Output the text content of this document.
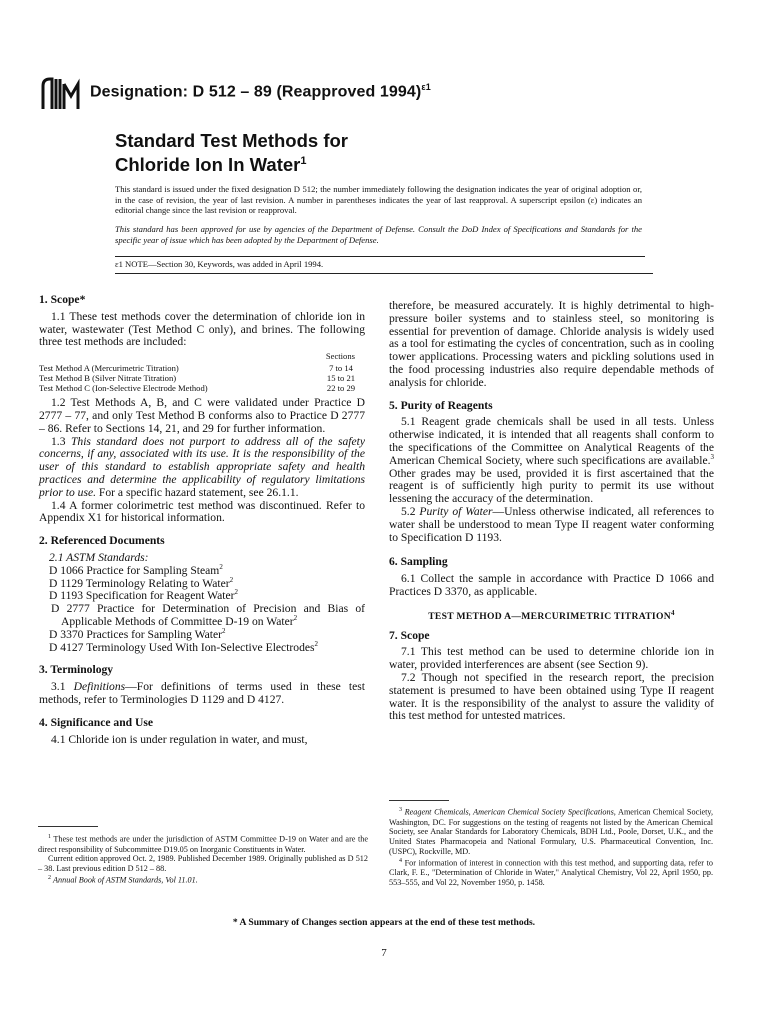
Designation: D 512 – 89 (Reapproved 1994)$^{\varepsilon 1}$
Standard Test Methods for
Chloride Ion In Water$^1$
This standard is issued under the fixed designation D 512; the number immediately following the designation indicates the year of original adoption or, in the case of revision, the year of last revision. A number in parentheses indicates the year of last reapproval. A superscript epsilon (ε) indicates an editorial change since the last revision or reapproval.
This standard has been approved for use by agencies of the Department of Defense. Consult the DoD Index of Specifications and Standards for the specific year of issue which has been adopted by the Department of Defense.
ε1 NOTE—Section 30, Keywords, was added in April 1994.
1. Scope*

1.1 These test methods cover the determination of chloride ion in water, wastewater (Test Method C only), and brines. The following three test methods are included:

Sections
Test Method A (Mercurimetric Titration)	7 to 14
Test Method B (Silver Nitrate Titration)	15 to 21
Test Method C (Ion-Selective Electrode Method)	22 to 29

1.2 Test Methods A, B, and C were validated under Practice D 2777 – 77, and only Test Method B conforms also to Practice D 2777 – 86. Refer to Sections 14, 21, and 29 for further information.

1.3 This standard does not purport to address all of the safety concerns, if any, associated with its use. It is the responsibility of the user of this standard to establish appropriate safety and health practices and determine the applicability of regulatory limitations prior to use. For a specific hazard statement, see 26.1.1.

1.4 A former colorimetric test method was discontinued. Refer to Appendix X1 for historical information.

2. Referenced Documents
2.1 ASTM Standards:
D 1066 Practice for Sampling Steam$^2$
D 1129 Terminology Relating to Water$^2$
D 1193 Specification for Reagent Water$^2$
D 2777 Practice for Determination of Precision and Bias of Applicable Methods of Committee D-19 on Water$^2$
D 3370 Practices for Sampling Water$^2$
D 4127 Terminology Used With Ion-Selective Electrodes$^2$
3. Terminology

3.1 Definitions—For definitions of terms used in these test methods, refer to Terminologies D 1129 and D 4127.

4. Significance and Use

4.1 Chloride ion is under regulation in water, and must,

therefore, be measured accurately. It is highly detrimental to high-pressure boiler systems and to stainless steel, so monitoring is essential for prevention of damage. Chloride analysis is widely used as a tool for estimating the cycles of concentration, such as in cooling tower applications. Processing waters and pickling solutions used in the food processing industries also require dependable methods of analysis for chloride.

5. Purity of Reagents

5.1 Reagent grade chemicals shall be used in all tests. Unless otherwise indicated, it is intended that all reagents shall conform to the specifications of the Committee on Analytical Reagents of the American Chemical Society, where such specifications are available.$^3$ Other grades may be used, provided it is first ascertained that the reagent is of sufficiently high purity to permit its use without lessening the accuracy of the determination.

5.2 Purity of Water—Unless otherwise indicated, all references to water shall be understood to mean Type II reagent water conforming to Specification D 1193.

6. Sampling

6.1 Collect the sample in accordance with Practice D 1066 and Practices D 3370, as applicable.

TEST METHOD A—MERCURIMETRIC TITRATION$^4$
7. Scope

7.1 This test method can be used to determine chloride ion in water, provided interferences are absent (see Section 9).

7.2 Though not specified in the research report, the precision statement is presumed to have been obtained using Type II reagent water. It is the responsibility of the analyst to assure the validity of this test method for untested matrices.

$^1$ These test methods are under the jurisdiction of ASTM Committee D-19 on Water and are the direct responsibility of Subcommittee D19.05 on Inorganic Constituents in Water.
Current edition approved Oct. 2, 1989. Published December 1989. Originally published as D 512 – 38. Last previous edition D 512 – 88.
$^2$ Annual Book of ASTM Standards, Vol 11.01.
$^3$ Reagent Chemicals, American Chemical Society Specifications, American Chemical Society, Washington, DC. For suggestions on the testing of reagents not listed by the American Chemical Society, see Analar Standards for Laboratory Chemicals, BDH Ltd., Poole, Dorset, U.K., and the United States Pharmacopeia and National Formulary, U.S. Pharmaceutical Convention, Inc. (USPC), Rockville, MD.
$^4$ For information of interest in connection with this test method, and supporting data, refer to Clark, F. E., "Determination of Chloride in Water," Analytical Chemistry, Vol 22, April 1950, pp. 553–555, and Vol 22, November 1950, p. 1458.
* A Summary of Changes section appears at the end of these test methods.
7
